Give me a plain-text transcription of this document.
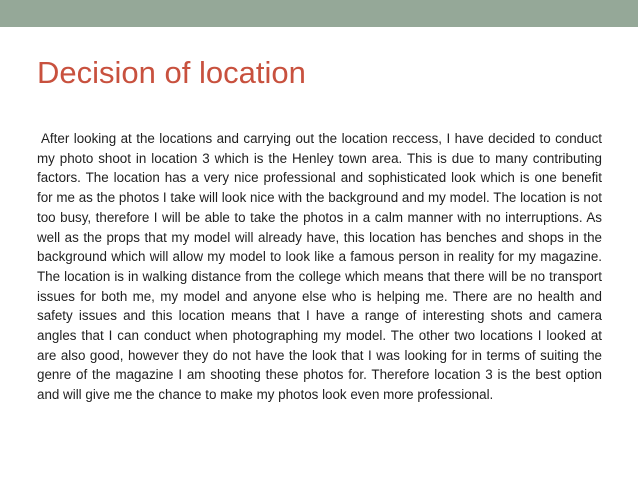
Decision of location

After looking at the locations and carrying out the location reccess, I have decided to conduct my photo shoot in location 3 which is the Henley town area. This is due to many contributing factors. The location has a very nice professional and sophisticated look which is one benefit for me as the photos I take will look nice with the background and my model. The location is not too busy, therefore I will be able to take the photos in a calm manner with no interruptions. As well as the props that my model will already have, this location has benches and shops in the background which will allow my model to look like a famous person in reality for my magazine. The location is in walking distance from the college which means that there will be no transport issues for both me, my model and anyone else who is helping me. There are no health and safety issues and this location means that I have a range of interesting shots and camera angles that I can conduct when photographing my model. The other two locations I looked at are also good, however they do not have the look that I was looking for in terms of suiting the genre of the magazine I am shooting these photos for. Therefore location 3 is the best option and will give me the chance to make my photos look even more professional.
